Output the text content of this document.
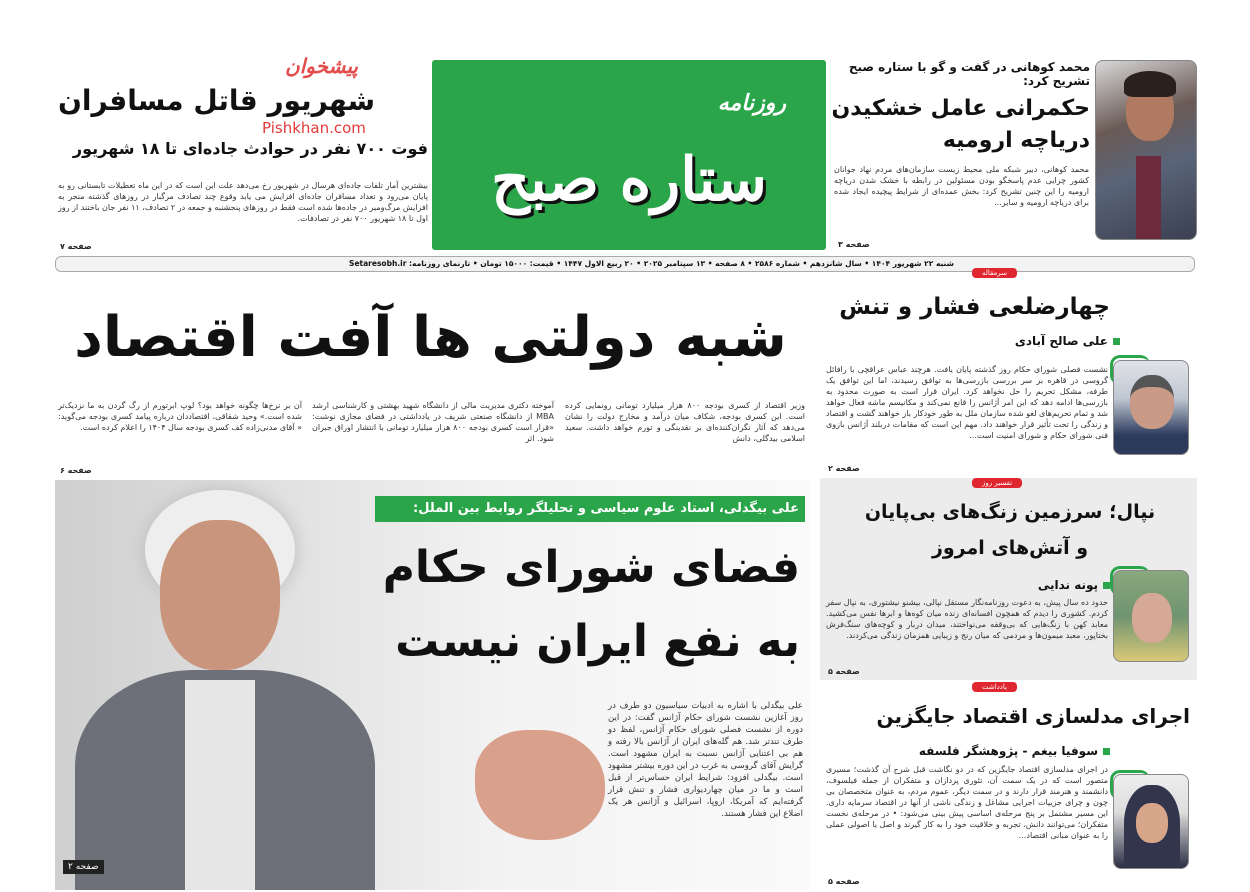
محمد کوهانی در گفت و گو با ستاره صبح تشریح کرد:
حکمرانی عامل خشکیدن
دریاچه ارومیه
محمد کوهانی، دبیر شبکه ملی محیط زیست سازمان‌های مردم نهاد جوانان کشور چرایی عدم پاسخگو بودن مسئولین در رابطه با خشک شدن دریاچه ارومیه را این چنین تشریح کرد: بخش عمده‌ای از شرایط پیچیده ایجاد شده برای دریاچه ارومیه و سایر...
صفحه ۳
روزنامه
ستاره صبح
پیشخوان
شهریور قاتل مسافران
Pishkhan.com
فوت ۷۰۰ نفر در حوادث جاده‌ای تا ۱۸ شهریور
بیشترین آمار تلفات جاده‌ای هرسال در شهریور رخ می‌دهد علت این است که در این ماه تعطیلات تابستانی رو به پایان می‌رود و تعداد مسافران جاده‌ای افزایش می یابد وقوع چند تصادف مرگبار در روزهای گذشته منجر به افزایش مرگ‌ومیر در جاده‌ها شده است فقط در روزهای پنجشنبه و جمعه در ۲ تصادف، ۱۱ نفر جان باختند از روز اول تا ۱۸ شهریور ۷۰۰ نفر در تصادفات.
صفحه ۷
شنبه ۲۲ شهریور ۱۴۰۴ • سال شانزدهم • شماره ۲۵۸۶ • ۸ صفحه • ۱۳ سپتامبر ۲۰۲۵ • ۲۰ ربیع الاول ۱۴۴۷ • قیمت: ۱۵۰۰۰ تومان • تارنمای روزنامه: Setaresobh.ir
شبه دولتی ها آفت اقتصاد
وزیر اقتصاد از کسری بودجه ۸۰۰ هزار میلیارد تومانی رونمایی کرده است. این کسری بودجه، شکاف میان درآمد و مخارج دولت را نشان می‌دهد که آثار نگران‌کننده‌ای بر نقدینگی و تورم خواهد داشت. سعید اسلامی بیدگلی، دانش
آموخته دکتری مدیریت مالی از دانشگاه شهید بهشتی و کارشناسی ارشد MBA از دانشگاه صنعتی شریف در یادداشتی در فضای مجازی نوشت: «قرار است کسری بودجه ۸۰۰ هزار میلیارد تومانی با انتشار اوراق جبران شود. اثر
آن بر نرخ‌ها چگونه خواهد بود؟ لوپ ابرتورم از رگ گردن به ما نزدیک‌تر شده است.» وحید شقاقی، اقتصاددان درباره پیامد کسری بودجه می‌گوید: « آقای مدنی‌زاده کف کسری بودجه سال ۱۴۰۴ را اعلام کرده است.
صفحه ۶
صفحه ۲
علی بیگدلی، استاد علوم سیاسی و تحلیلگر روابط بین الملل:
فضای شورای حکام
به نفع ایران نیست
علی بیگدلی با اشاره به ادبیات سیاسیون دو طرف در روز آغازین نشست شورای حکام آژانس گفت: در این دوره از نشست فصلی شورای حکام آژانس، لفظ دو طرف تندتر شد. هم گله‌های ایران از آژانس بالا رفته و هم بی اعتنایی آژانس نسبت به ایران مشهود است. گرایش آقای گروسی به غرب در این دوره بیشتر مشهود است. بیگدلی افزود: شرایط ایران حساس‌تر از قبل است و ما در میان چهاردیواری فشار و تنش قرار گرفته‌ایم که آمریکا، اروپا، اسرائیل و آژانس هر یک اضلاع این فشار هستند.
سرمقاله
چهارضلعی فشار و تنش
علی صالح آبادی
نشست فصلی شورای حکام روز گذشته پایان یافت. هرچند عباس عراقچی با رافائل گروسی در قاهره بر سر بررسی بازرسی‌ها به توافق رسیدند، اما این توافق یک طرفه، مشکل تحریم را حل نخواهد کرد. ایران قرار است به صورت محدود به بازرسی‌ها ادامه دهد که این امر آژانس را قانع نمی‌کند و مکانیسم ماشه فعال خواهد شد و تمام تحریم‌های لغو شده سازمان ملل به طور خودکار باز خواهند گشت و اقتصاد و زندگی را تحت تأثیر قرار خواهند داد. مهم این است که مقامات دربلند آژانس بازوی فنی شورای حکام و شورای امنیت است...
صفحه ۲
تفسیر روز
نپال؛ سرزمین زنگ‌های بی‌پایان و آتش‌های امروز
پونه ندایی
حدود ده سال پیش، به دعوت روزنامه‌نگار مستقل نپالی، بیشنو نیشتوری، به نپال سفر کردم. کشوری را دیدم که همچون افسانه‌ای زنده میان کوه‌ها و ابرها نفس می‌کشید. معابد کهن با زنگ‌هایی که بی‌وقفه می‌نواختند، میدان دربار و کوچه‌های سنگ‌فرش بختاپور، معبد میمون‌ها و مردمی که میان رنج و زیبایی همزمان زندگی می‌کردند.
صفحه ۵
یادداشت
اجرای مدلسازی اقتصاد جایگزین
سوفیا بیغم - پژوهشگر فلسفه
در اجرای مدلسازی اقتصاد جایگزین که در دو نگاشت قبل شرح آن گذشت؛ مسیری متصور است که در یک سمت آن، تئوری پردازان و متفکران از جمله فیلسوف، دانشمند و هنرمند قرار دارند و در سمت دیگر، عموم مردم، به عنوان متخصصان بی چون و چرای جزییات اجرایی مشاغل و زندگی ناشی از آنها در اقتصاد سرمایه داری. این مسیر مشتمل بر پنج مرحله‌ی اساسی پیش بینی می‌شود: • در مرحله‌ی نخست متفکران؛ می‌توانند دانش، تجربه و خلاقیت خود را به کار گیرند و اصل یا اصولی عملی را به عنوان مبانی اقتصاد...
صفحه ۵
